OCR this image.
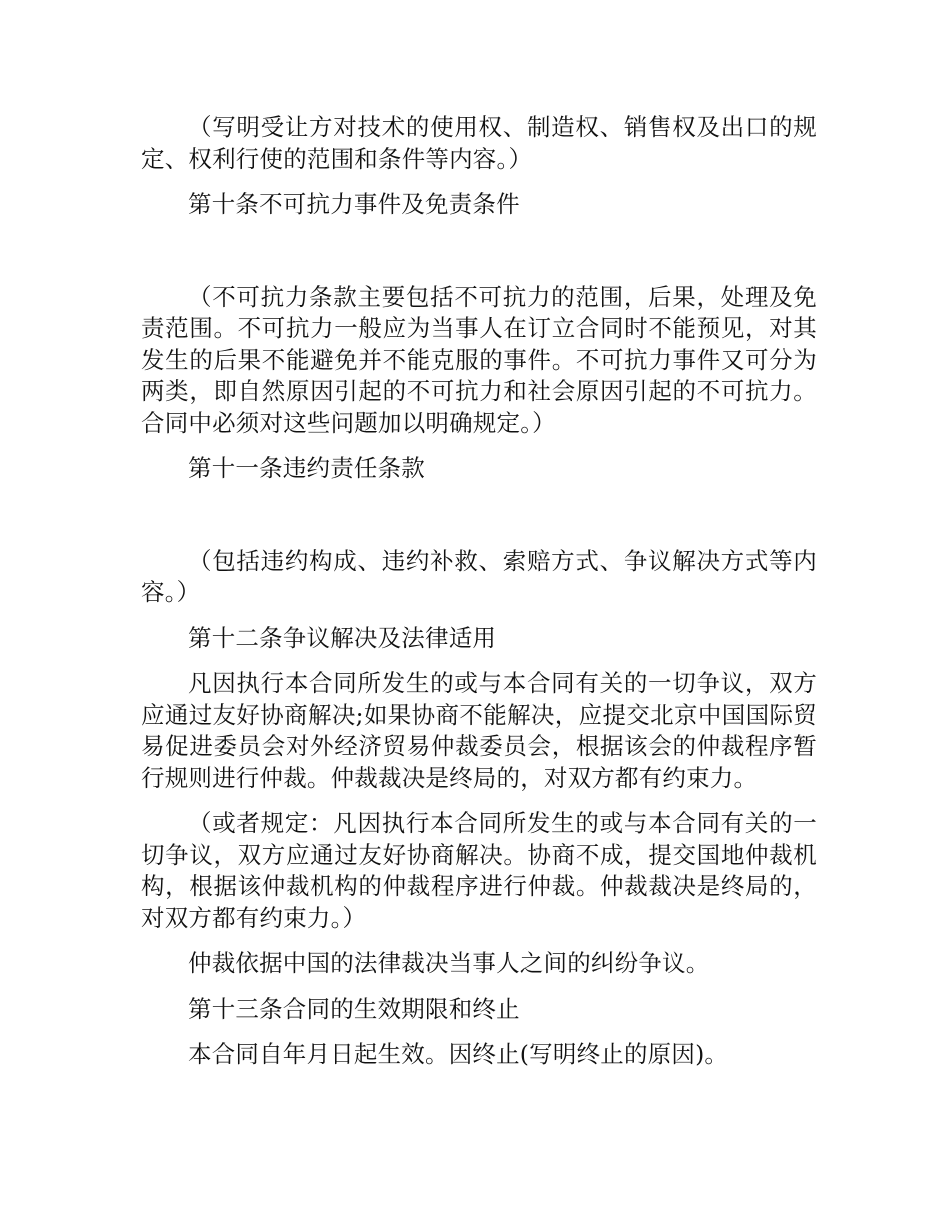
（写明受让方对技术的使用权、制造权、销售权及出口的规定、权利行使的范围和条件等内容。）

第十条不可抗力事件及免责条件

（不可抗力条款主要包括不可抗力的范围，后果，处理及免责范围。不可抗力一般应为当事人在订立合同时不能预见，对其发生的后果不能避免并不能克服的事件。不可抗力事件又可分为两类，即自然原因引起的不可抗力和社会原因引起的不可抗力。合同中必须对这些问题加以明确规定。）

第十一条违约责任条款

（包括违约构成、违约补救、索赔方式、争议解决方式等内容。）

第十二条争议解决及法律适用

凡因执行本合同所发生的或与本合同有关的一切争议，双方应通过友好协商解决;如果协商不能解决，应提交北京中国国际贸易促进委员会对外经济贸易仲裁委员会，根据该会的仲裁程序暂行规则进行仲裁。仲裁裁决是终局的，对双方都有约束力。

（或者规定：凡因执行本合同所发生的或与本合同有关的一切争议，双方应通过友好协商解决。协商不成，提交国地仲裁机构，根据该仲裁机构的仲裁程序进行仲裁。仲裁裁决是终局的，对双方都有约束力。）

仲裁依据中国的法律裁决当事人之间的纠纷争议。

第十三条合同的生效期限和终止

本合同自年月日起生效。因终止(写明终止的原因)。
